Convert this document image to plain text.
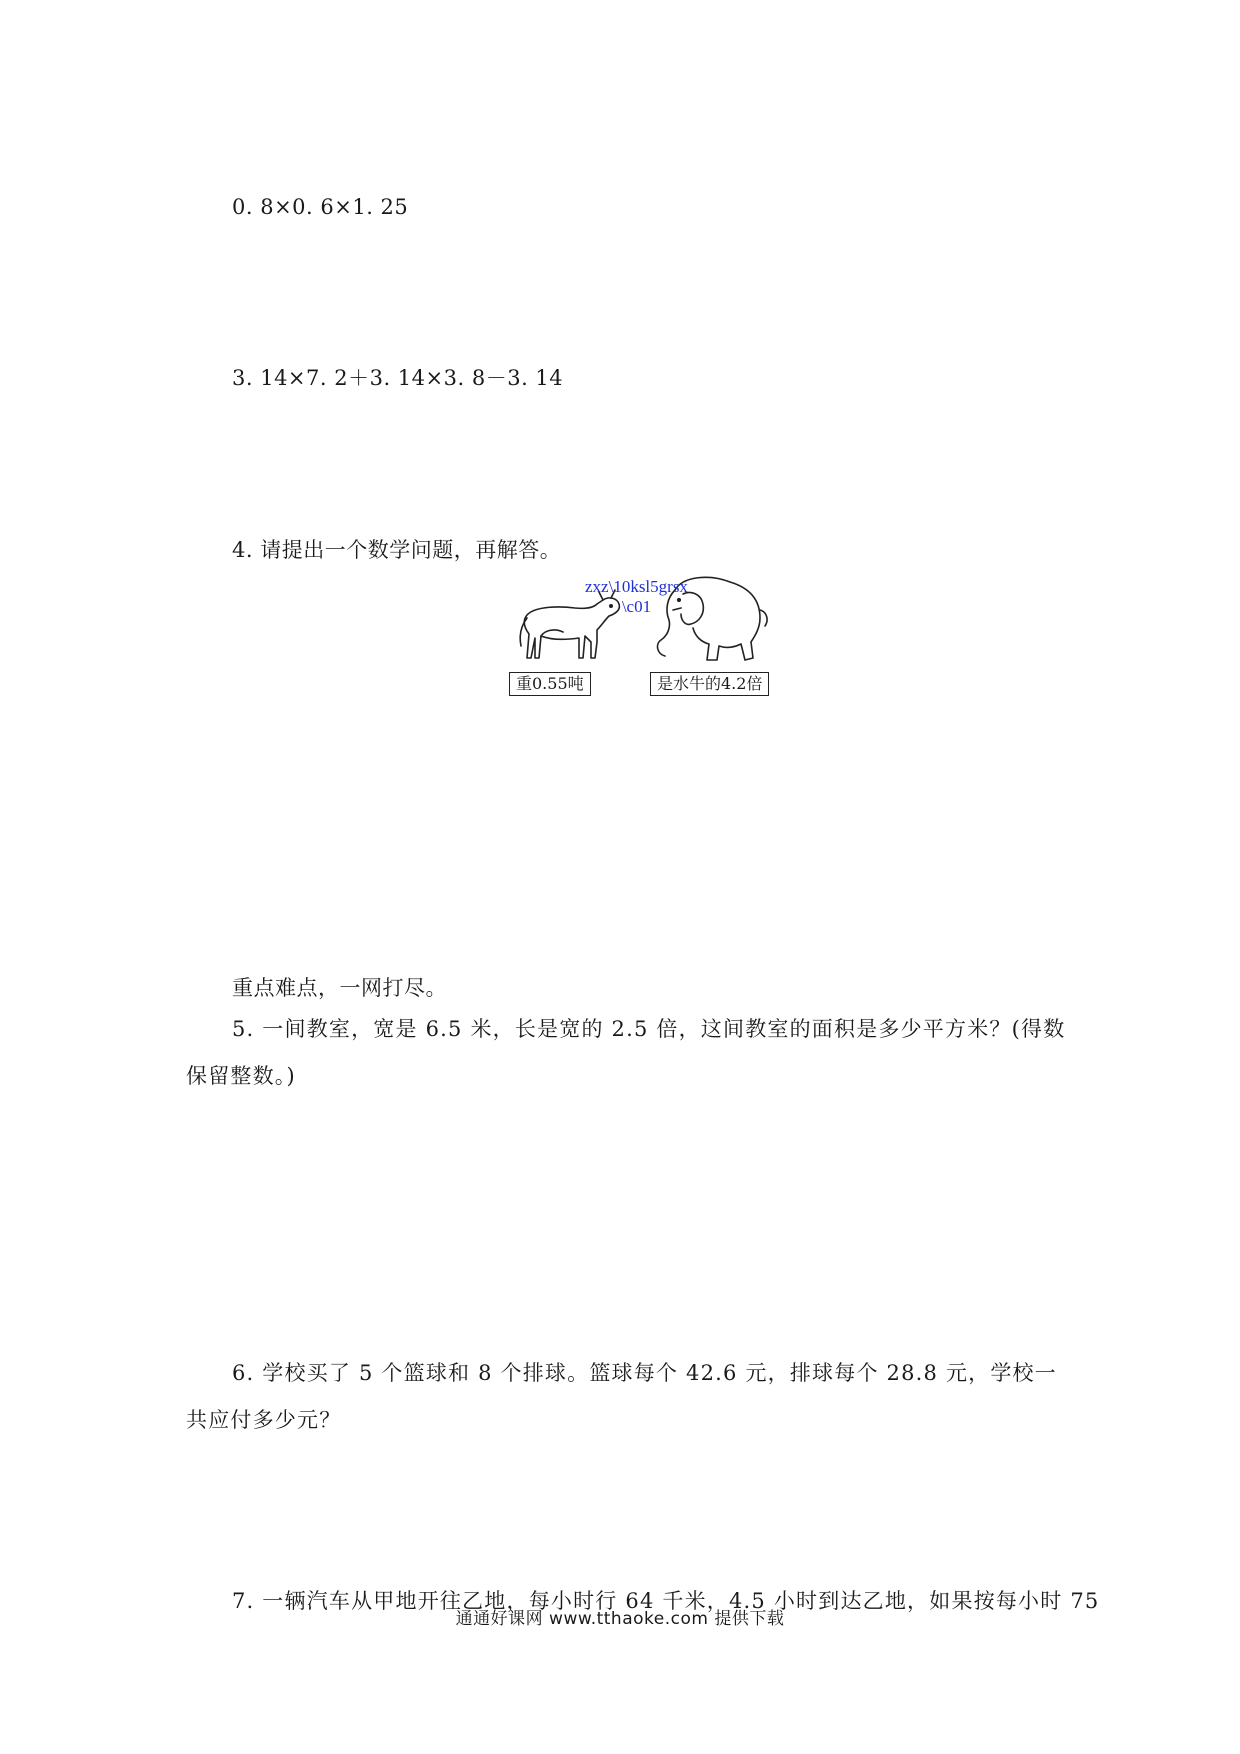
0. 8×0. 6×1. 25
3. 14×7. 2＋3. 14×3. 8－3. 14
4. 请提出一个数学问题，再解答。
zxz\10ksl5grsx
\c01
重0.55吨	是水牛的4.2倍
重点难点，一网打尽。
5. 一间教室，宽是 6.5 米，长是宽的 2.5 倍，这间教室的面积是多少平方米？(得数保留整数。)
6. 学校买了 5 个篮球和 8 个排球。篮球每个 42.6 元，排球每个 28.8 元，学校一共应付多少元？
7. 一辆汽车从甲地开往乙地，每小时行 64 千米，4.5 小时到达乙地，如果按每小时 75
通通好课网 www.tthaoke.com 提供下载
